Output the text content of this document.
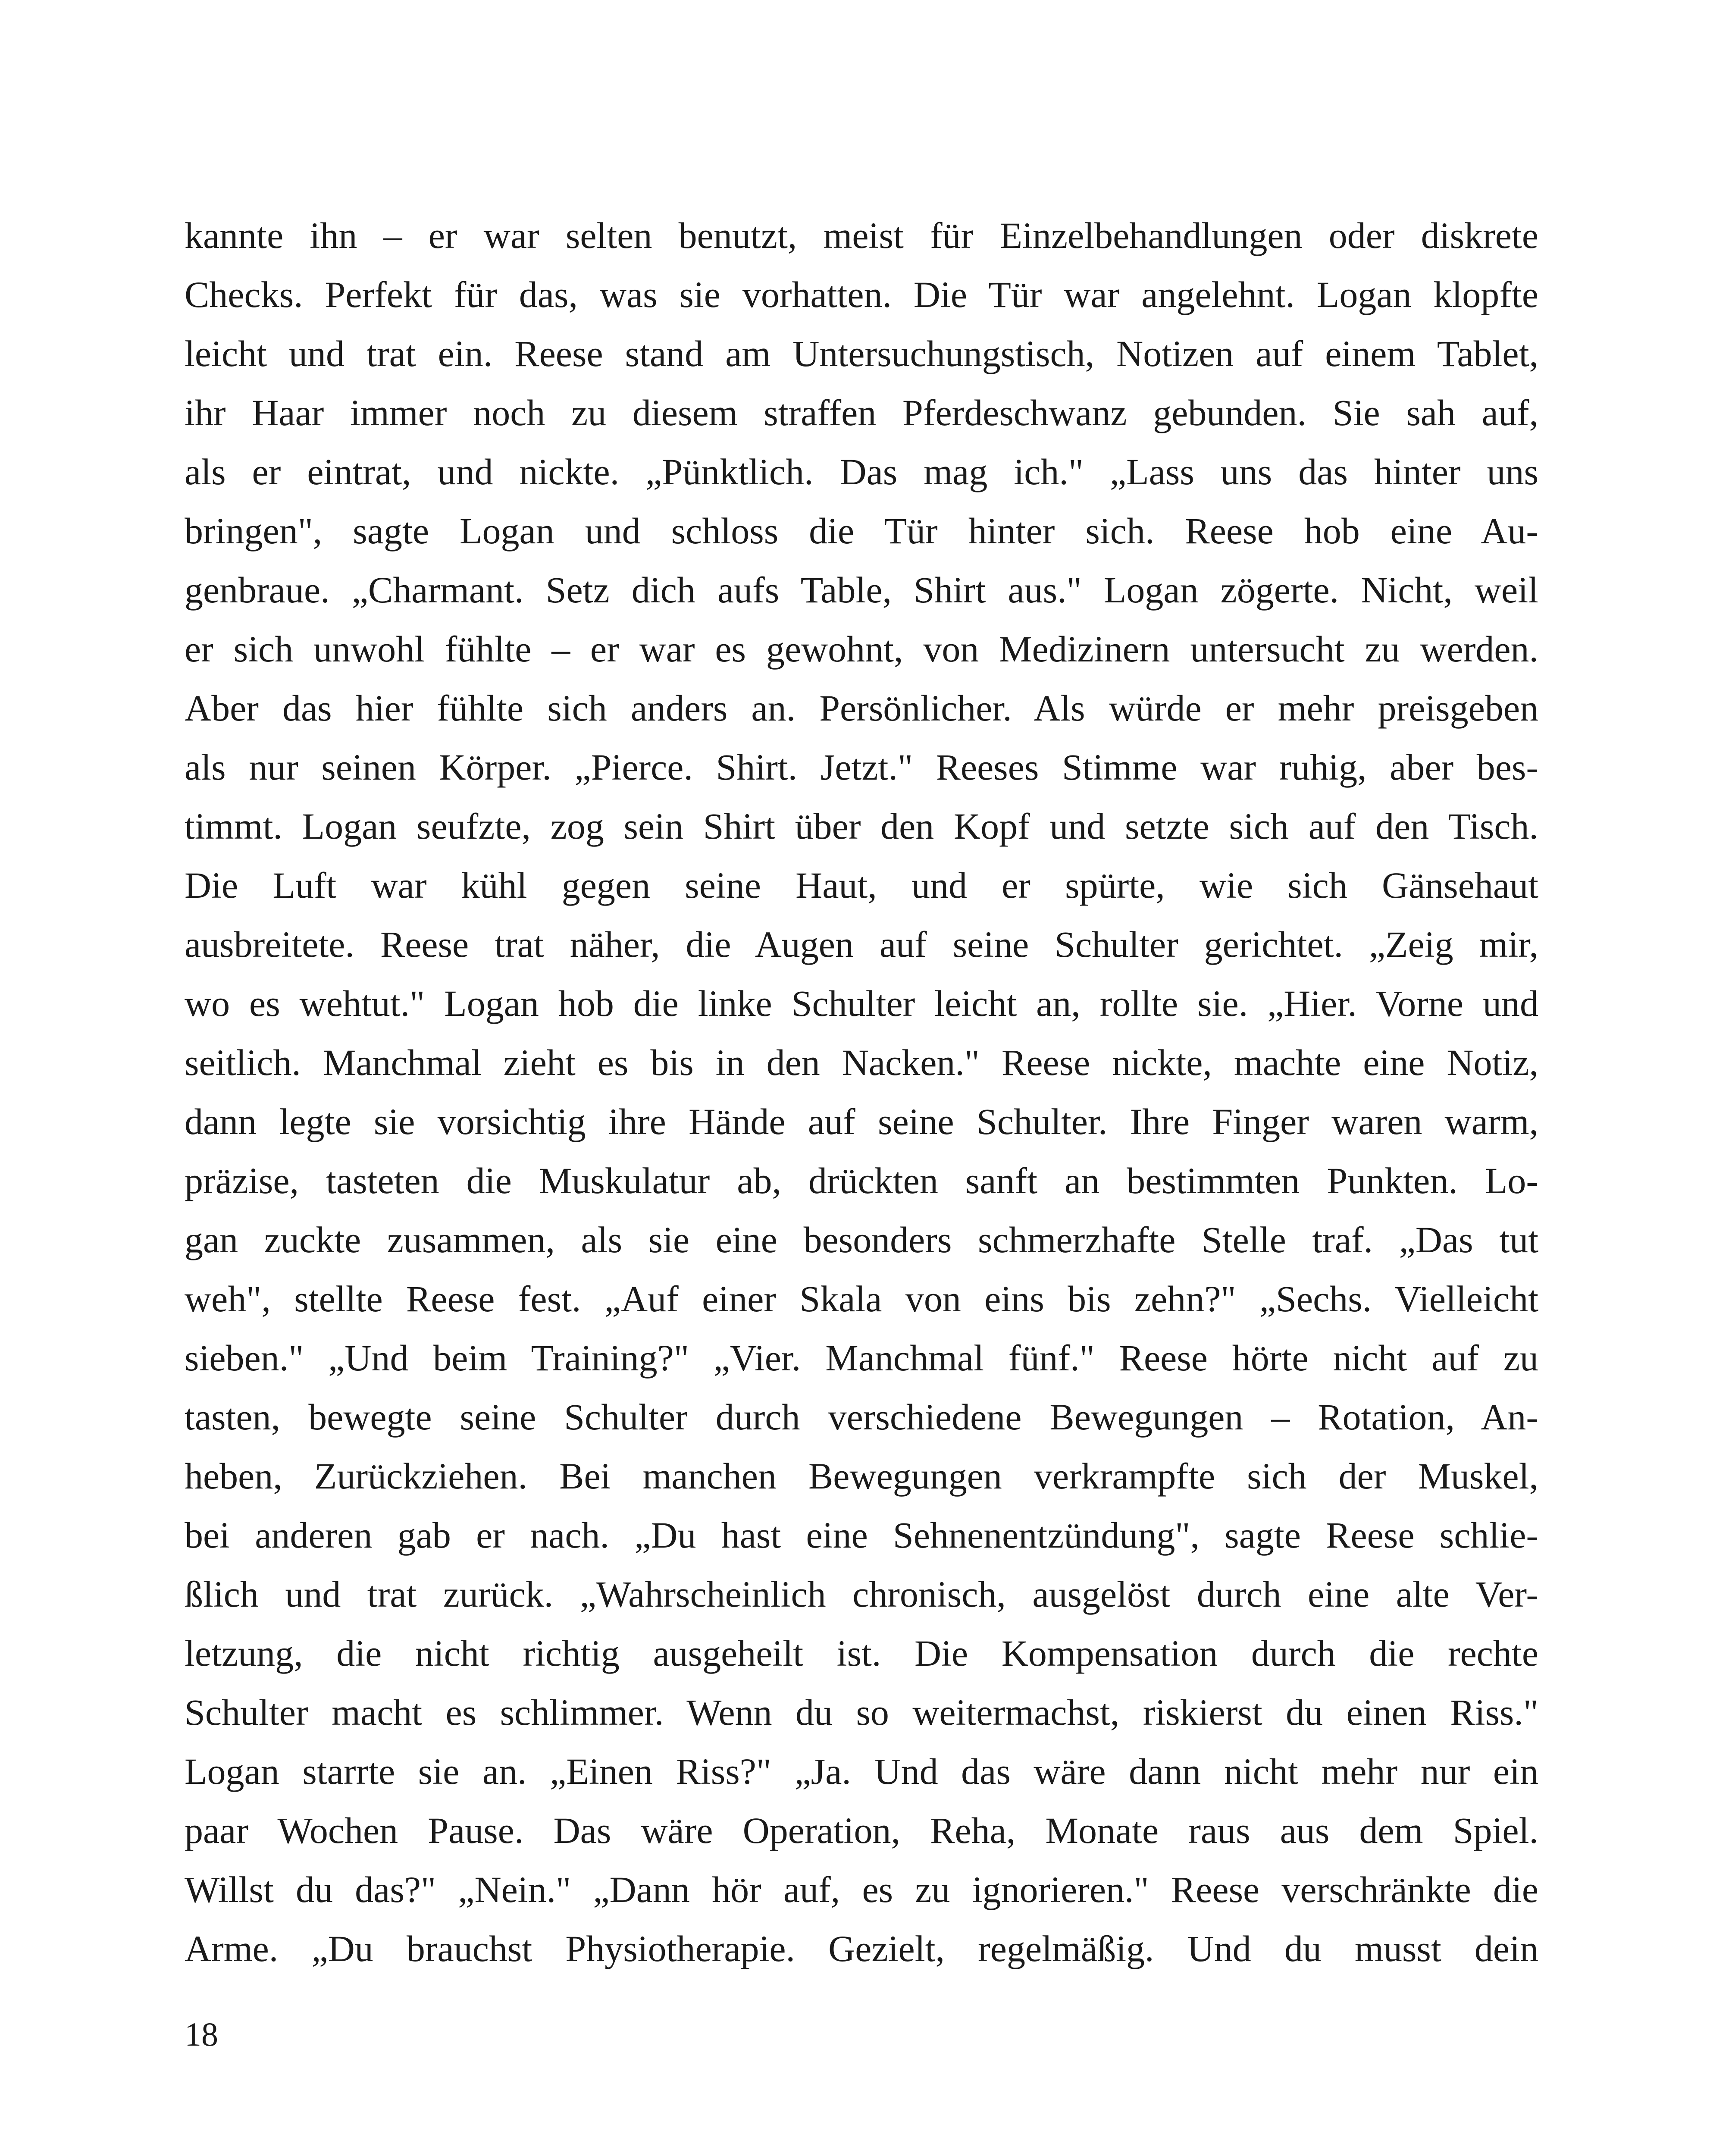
kannte ihn – er war selten benutzt, meist für Einzelbehandlungen oder diskrete
Checks. Perfekt für das, was sie vorhatten. Die Tür war angelehnt. Logan klopfte
leicht und trat ein. Reese stand am Untersuchungstisch, Notizen auf einem Tablet,
ihr Haar immer noch zu diesem straffen Pferdeschwanz gebunden. Sie sah auf,
als er eintrat, und nickte. „Pünktlich. Das mag ich." „Lass uns das hinter uns
bringen", sagte Logan und schloss die Tür hinter sich. Reese hob eine Au-
genbraue. „Charmant. Setz dich aufs Table, Shirt aus." Logan zögerte. Nicht, weil
er sich unwohl fühlte – er war es gewohnt, von Medizinern untersucht zu werden.
Aber das hier fühlte sich anders an. Persönlicher. Als würde er mehr preisgeben
als nur seinen Körper. „Pierce. Shirt. Jetzt." Reeses Stimme war ruhig, aber bes-
timmt. Logan seufzte, zog sein Shirt über den Kopf und setzte sich auf den Tisch.
Die Luft war kühl gegen seine Haut, und er spürte, wie sich Gänsehaut
ausbreitete. Reese trat näher, die Augen auf seine Schulter gerichtet. „Zeig mir,
wo es wehtut." Logan hob die linke Schulter leicht an, rollte sie. „Hier. Vorne und
seitlich. Manchmal zieht es bis in den Nacken." Reese nickte, machte eine Notiz,
dann legte sie vorsichtig ihre Hände auf seine Schulter. Ihre Finger waren warm,
präzise, tasteten die Muskulatur ab, drückten sanft an bestimmten Punkten. Lo-
gan zuckte zusammen, als sie eine besonders schmerzhafte Stelle traf. „Das tut
weh", stellte Reese fest. „Auf einer Skala von eins bis zehn?" „Sechs. Vielleicht
sieben." „Und beim Training?" „Vier. Manchmal fünf." Reese hörte nicht auf zu
tasten, bewegte seine Schulter durch verschiedene Bewegungen – Rotation, An-
heben, Zurückziehen. Bei manchen Bewegungen verkrampfte sich der Muskel,
bei anderen gab er nach. „Du hast eine Sehnenentzündung", sagte Reese schlie-
ßlich und trat zurück. „Wahrscheinlich chronisch, ausgelöst durch eine alte Ver-
letzung, die nicht richtig ausgeheilt ist. Die Kompensation durch die rechte
Schulter macht es schlimmer. Wenn du so weitermachst, riskierst du einen Riss."
Logan starrte sie an. „Einen Riss?" „Ja. Und das wäre dann nicht mehr nur ein
paar Wochen Pause. Das wäre Operation, Reha, Monate raus aus dem Spiel.
Willst du das?" „Nein." „Dann hör auf, es zu ignorieren." Reese verschränkte die
Arme. „Du brauchst Physiotherapie. Gezielt, regelmäßig. Und du musst dein
18
